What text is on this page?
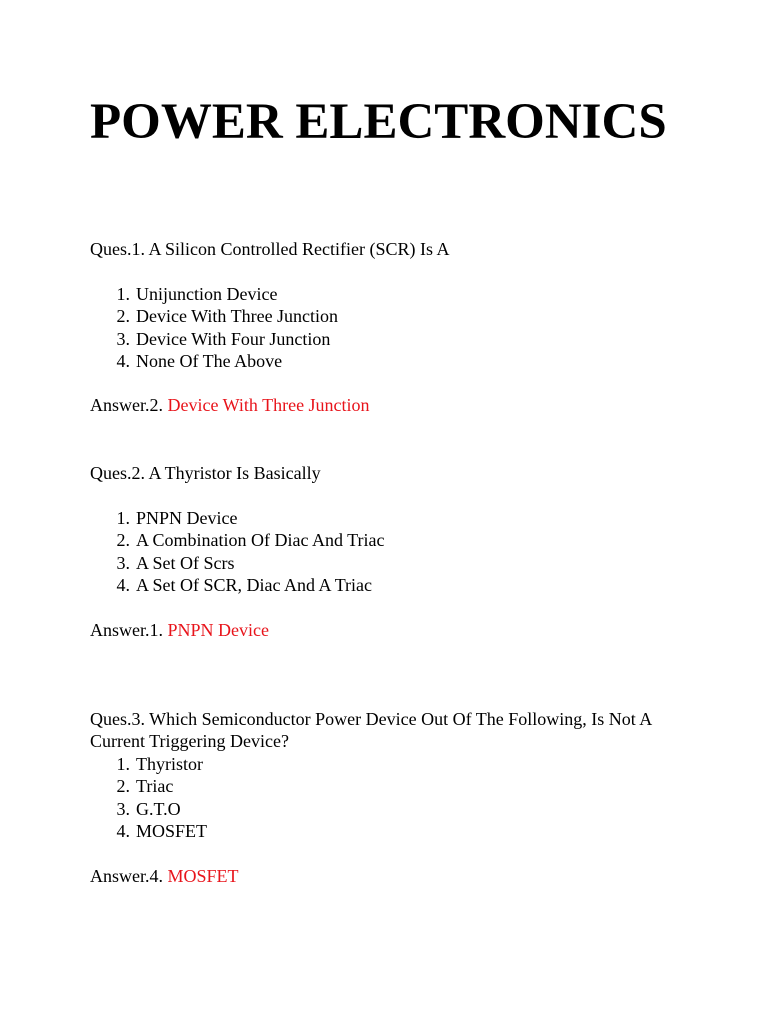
POWER ELECTRONICS

Ques.1. A Silicon Controlled Rectifier (SCR) Is A

1. Unijunction Device
2. Device With Three Junction
3. Device With Four Junction
4. None Of The Above

Answer.2. Device With Three Junction

Ques.2. A Thyristor Is Basically

1. PNPN Device
2. A Combination Of Diac And Triac
3. A Set Of Scrs
4. A Set Of SCR, Diac And A Triac

Answer.1. PNPN Device

Ques.3. Which Semiconductor Power Device Out Of The Following, Is Not A Current Triggering Device?

1. Thyristor
2. Triac
3. G.T.O
4. MOSFET

Answer.4. MOSFET
